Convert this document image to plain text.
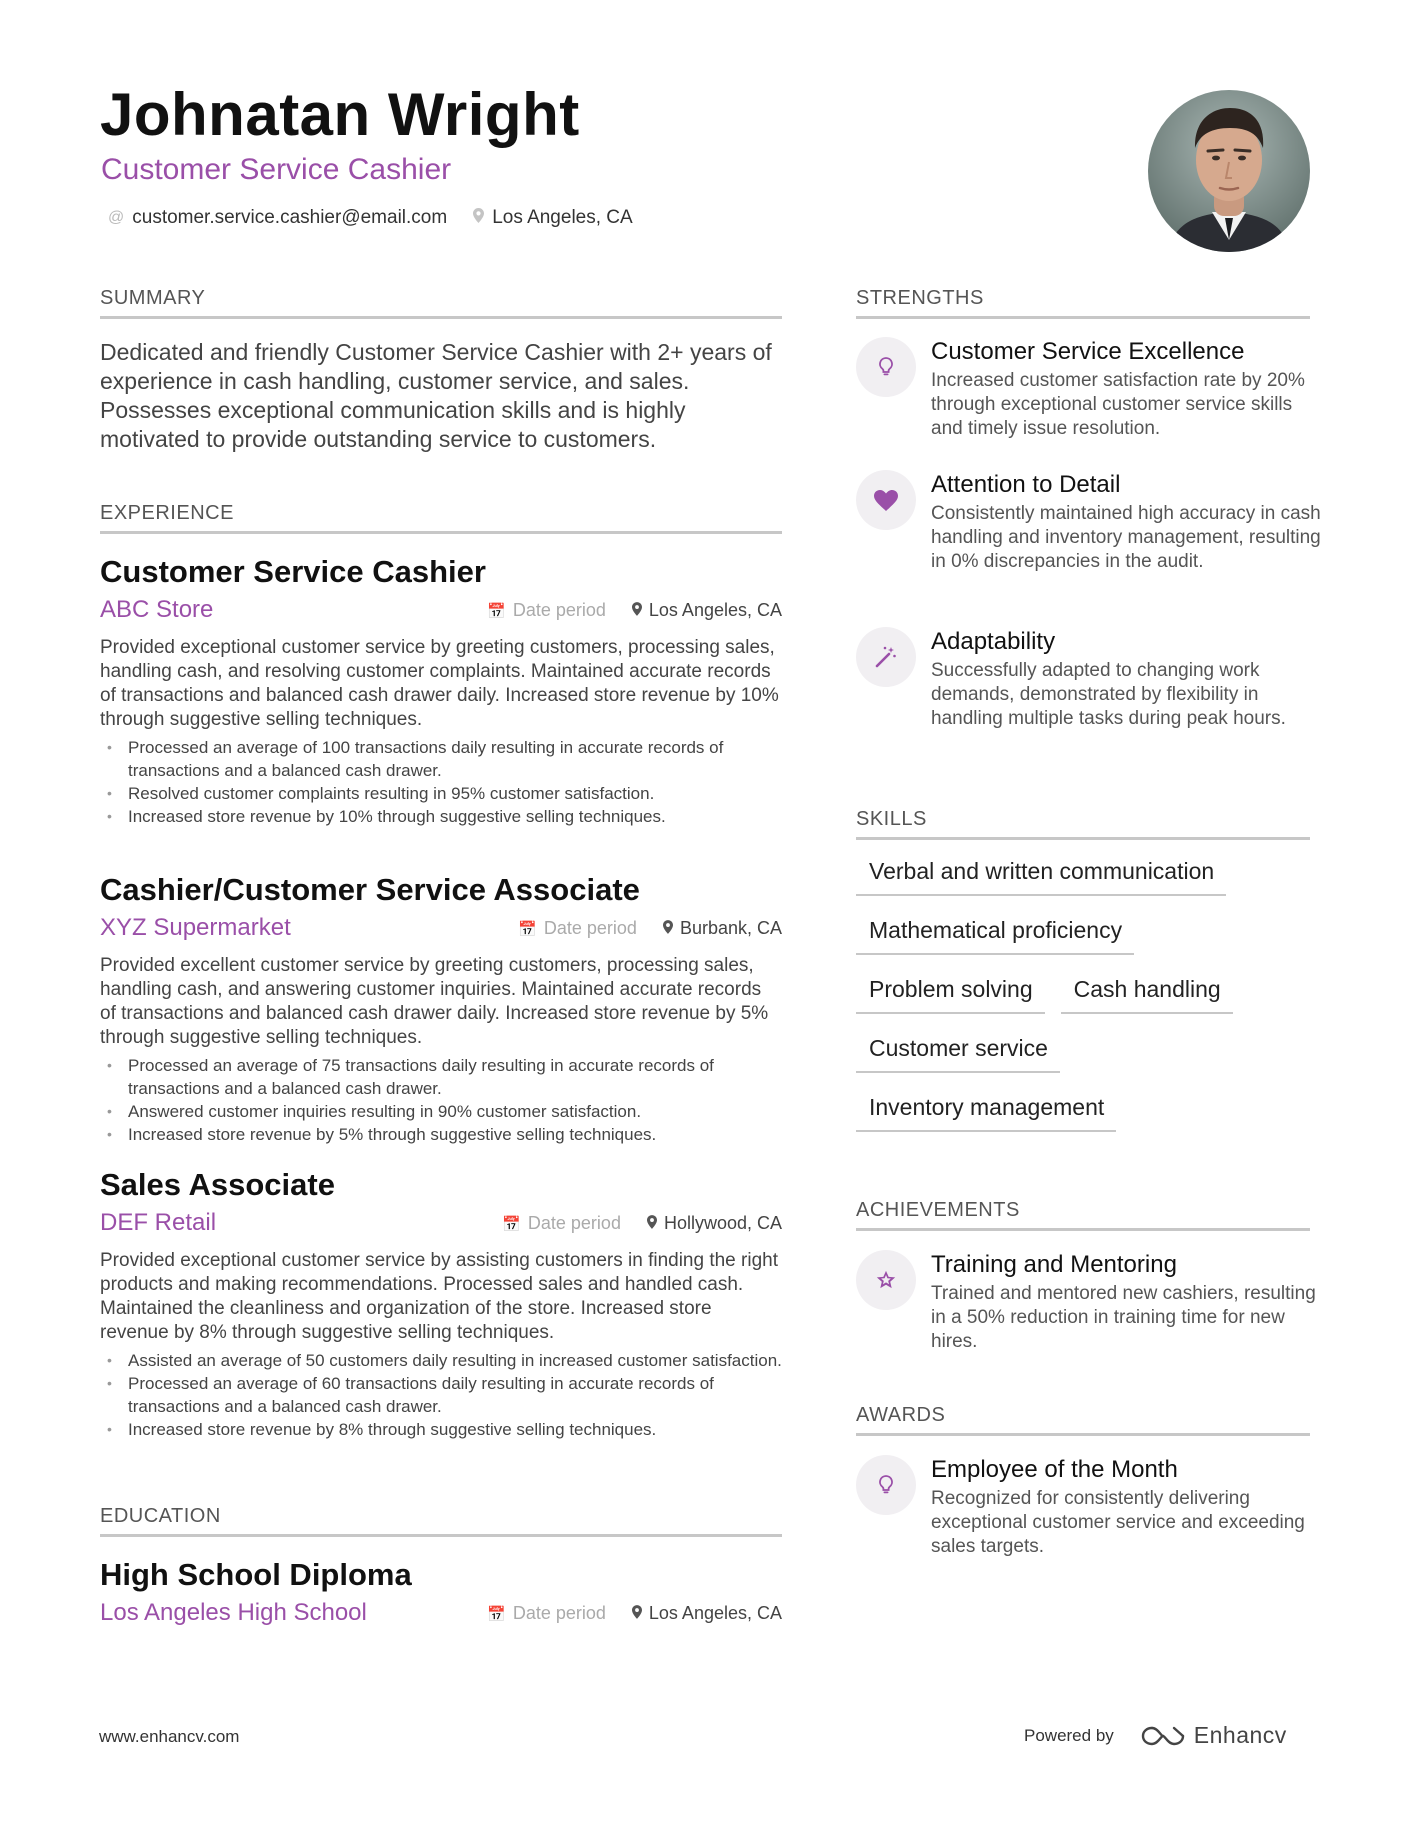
Johnatan Wright
Customer Service Cashier
@ customer.service.cashier@email.com Los Angeles, CA
SUMMARY
Dedicated and friendly Customer Service Cashier with 2+ years of experience in cash handling, customer service, and sales. Possesses exceptional communication skills and is highly motivated to provide outstanding service to customers.
EXPERIENCE
Customer Service Cashier
ABC Store	📅 Date period Los Angeles, CA

Provided exceptional customer service by greeting customers, processing sales, handling cash, and resolving customer complaints. Maintained accurate records of transactions and balanced cash drawer daily. Increased store revenue by 10% through suggestive selling techniques.

• Processed an average of 100 transactions daily resulting in accurate records of transactions and a balanced cash drawer.
• Resolved customer complaints resulting in 95% customer satisfaction.
• Increased store revenue by 10% through suggestive selling techniques.
Cashier/Customer Service Associate
XYZ Supermarket	📅 Date period Burbank, CA

Provided excellent customer service by greeting customers, processing sales, handling cash, and answering customer inquiries. Maintained accurate records of transactions and balanced cash drawer daily. Increased store revenue by 5% through suggestive selling techniques.

• Processed an average of 75 transactions daily resulting in accurate records of transactions and a balanced cash drawer.
• Answered customer inquiries resulting in 90% customer satisfaction.
• Increased store revenue by 5% through suggestive selling techniques.
Sales Associate
DEF Retail	📅 Date period Hollywood, CA

Provided exceptional customer service by assisting customers in finding the right products and making recommendations. Processed sales and handled cash. Maintained the cleanliness and organization of the store. Increased store revenue by 8% through suggestive selling techniques.

• Assisted an average of 50 customers daily resulting in increased customer satisfaction.
• Processed an average of 60 transactions daily resulting in accurate records of transactions and a balanced cash drawer.
• Increased store revenue by 8% through suggestive selling techniques.
EDUCATION
High School Diploma
Los Angeles High School	📅 Date period Los Angeles, CA
STRENGTHS
Customer Service Excellence
Increased customer satisfaction rate by 20% through exceptional customer service skills and timely issue resolution.
Attention to Detail
Consistently maintained high accuracy in cash handling and inventory management, resulting in 0% discrepancies in the audit.
Adaptability
Successfully adapted to changing work demands, demonstrated by flexibility in handling multiple tasks during peak hours.
SKILLS
Verbal and written communication
Mathematical proficiency
Problem solving	Cash handling
Customer service
Inventory management
ACHIEVEMENTS
Training and Mentoring
Trained and mentored new cashiers, resulting in a 50% reduction in training time for new hires.
AWARDS
Employee of the Month
Recognized for consistently delivering exceptional customer service and exceeding sales targets.
www.enhancv.com	Powered by	Enhancv
